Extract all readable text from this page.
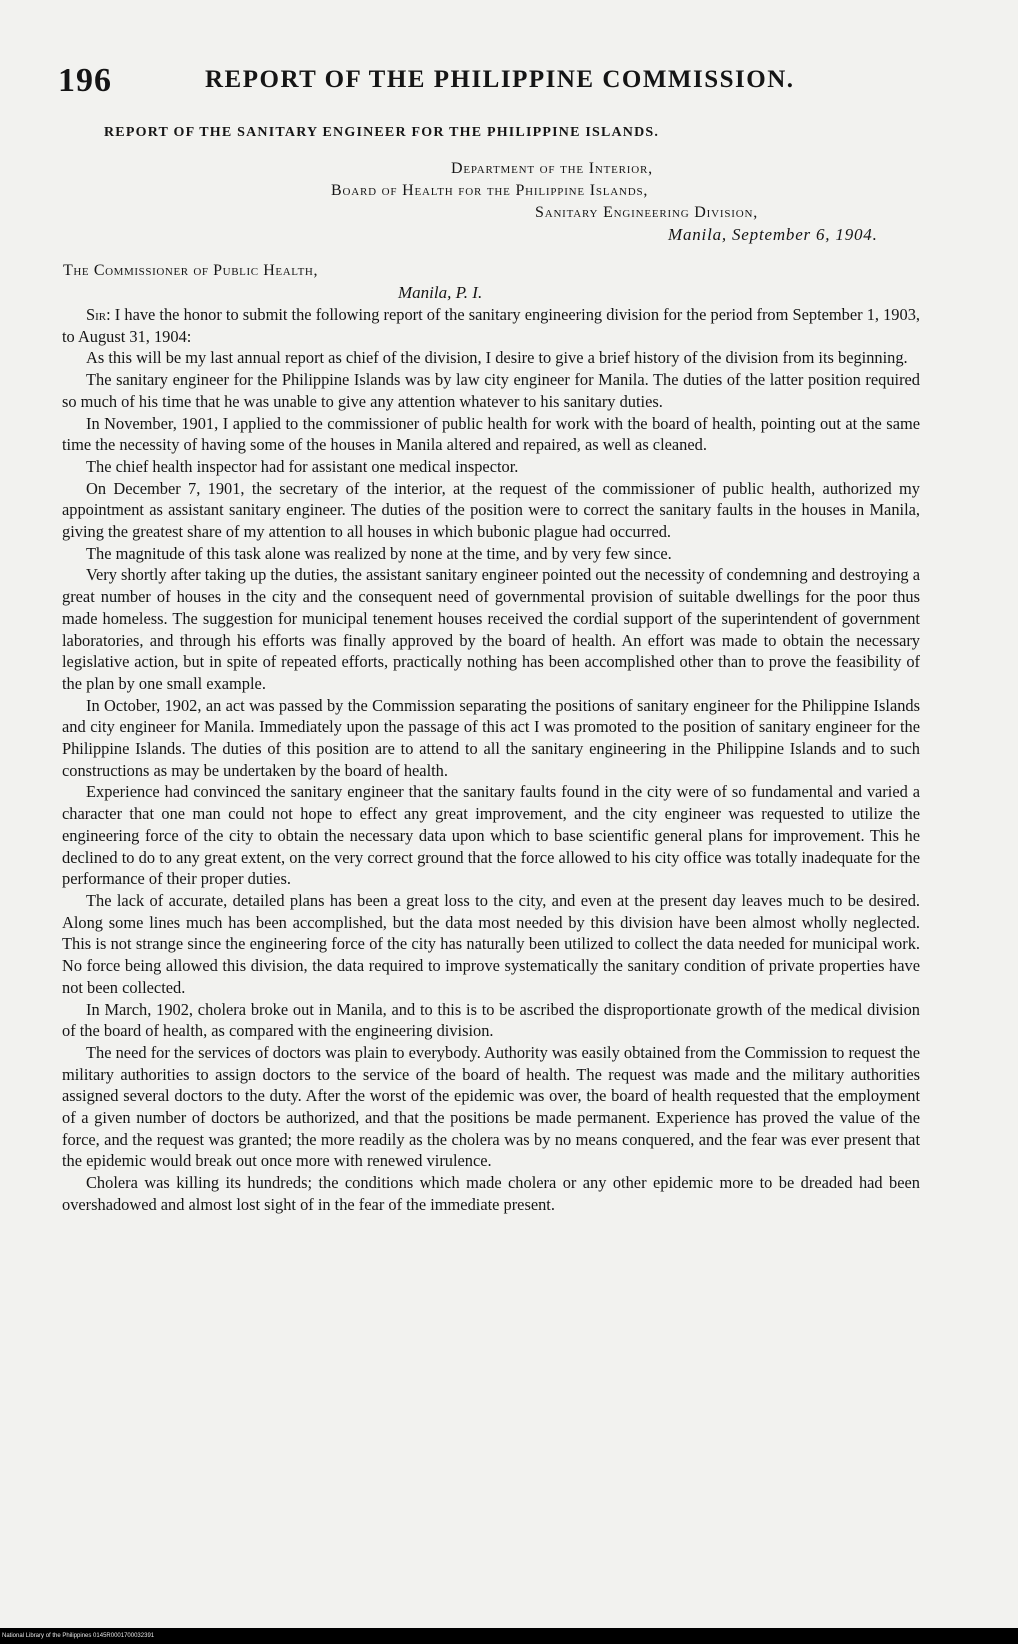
196	REPORT OF THE PHILIPPINE COMMISSION.
REPORT OF THE SANITARY ENGINEER FOR THE PHILIPPINE ISLANDS.
Department of the Interior,
Board of Health for the Philippine Islands,
Sanitary Engineering Division,
Manila, September 6, 1904.
The Commissioner of Public Health,
Manila, P. I.

Sir: I have the honor to submit the following report of the sanitary engineering division for the period from September 1, 1903, to August 31, 1904:

As this will be my last annual report as chief of the division, I desire to give a brief history of the division from its beginning.

The sanitary engineer for the Philippine Islands was by law city engineer for Manila. The duties of the latter position required so much of his time that he was unable to give any attention whatever to his sanitary duties.

In November, 1901, I applied to the commissioner of public health for work with the board of health, pointing out at the same time the necessity of having some of the houses in Manila altered and repaired, as well as cleaned.

The chief health inspector had for assistant one medical inspector.

On December 7, 1901, the secretary of the interior, at the request of the commissioner of public health, authorized my appointment as assistant sanitary engineer. The duties of the position were to correct the sanitary faults in the houses in Manila, giving the greatest share of my attention to all houses in which bubonic plague had occurred.

The magnitude of this task alone was realized by none at the time, and by very few since.

Very shortly after taking up the duties, the assistant sanitary engineer pointed out the necessity of condemning and destroying a great number of houses in the city and the consequent need of governmental provision of suitable dwellings for the poor thus made homeless. The suggestion for municipal tenement houses received the cordial support of the superintendent of government laboratories, and through his efforts was finally approved by the board of health. An effort was made to obtain the necessary legislative action, but in spite of repeated efforts, practically nothing has been accomplished other than to prove the feasibility of the plan by one small example.

In October, 1902, an act was passed by the Commission separating the positions of sanitary engineer for the Philippine Islands and city engineer for Manila. Immediately upon the passage of this act I was promoted to the position of sanitary engineer for the Philippine Islands. The duties of this position are to attend to all the sanitary engineering in the Philippine Islands and to such constructions as may be undertaken by the board of health.

Experience had convinced the sanitary engineer that the sanitary faults found in the city were of so fundamental and varied a character that one man could not hope to effect any great improvement, and the city engineer was requested to utilize the engineering force of the city to obtain the necessary data upon which to base scientific general plans for improvement. This he declined to do to any great extent, on the very correct ground that the force allowed to his city office was totally inadequate for the performance of their proper duties.

The lack of accurate, detailed plans has been a great loss to the city, and even at the present day leaves much to be desired. Along some lines much has been accomplished, but the data most needed by this division have been almost wholly neglected. This is not strange since the engineering force of the city has naturally been utilized to collect the data needed for municipal work. No force being allowed this division, the data required to improve systematically the sanitary condition of private properties have not been collected.

In March, 1902, cholera broke out in Manila, and to this is to be ascribed the disproportionate growth of the medical division of the board of health, as compared with the engineering division.

The need for the services of doctors was plain to everybody. Authority was easily obtained from the Commission to request the military authorities to assign doctors to the service of the board of health. The request was made and the military authorities assigned several doctors to the duty. After the worst of the epidemic was over, the board of health requested that the employment of a given number of doctors be authorized, and that the positions be made permanent. Experience has proved the value of the force, and the request was granted; the more readily as the cholera was by no means conquered, and the fear was ever present that the epidemic would break out once more with renewed virulence.

Cholera was killing its hundreds; the conditions which made cholera or any other epidemic more to be dreaded had been overshadowed and almost lost sight of in the fear of the immediate present.

National Library of the Philippines 0145R0001700032391
